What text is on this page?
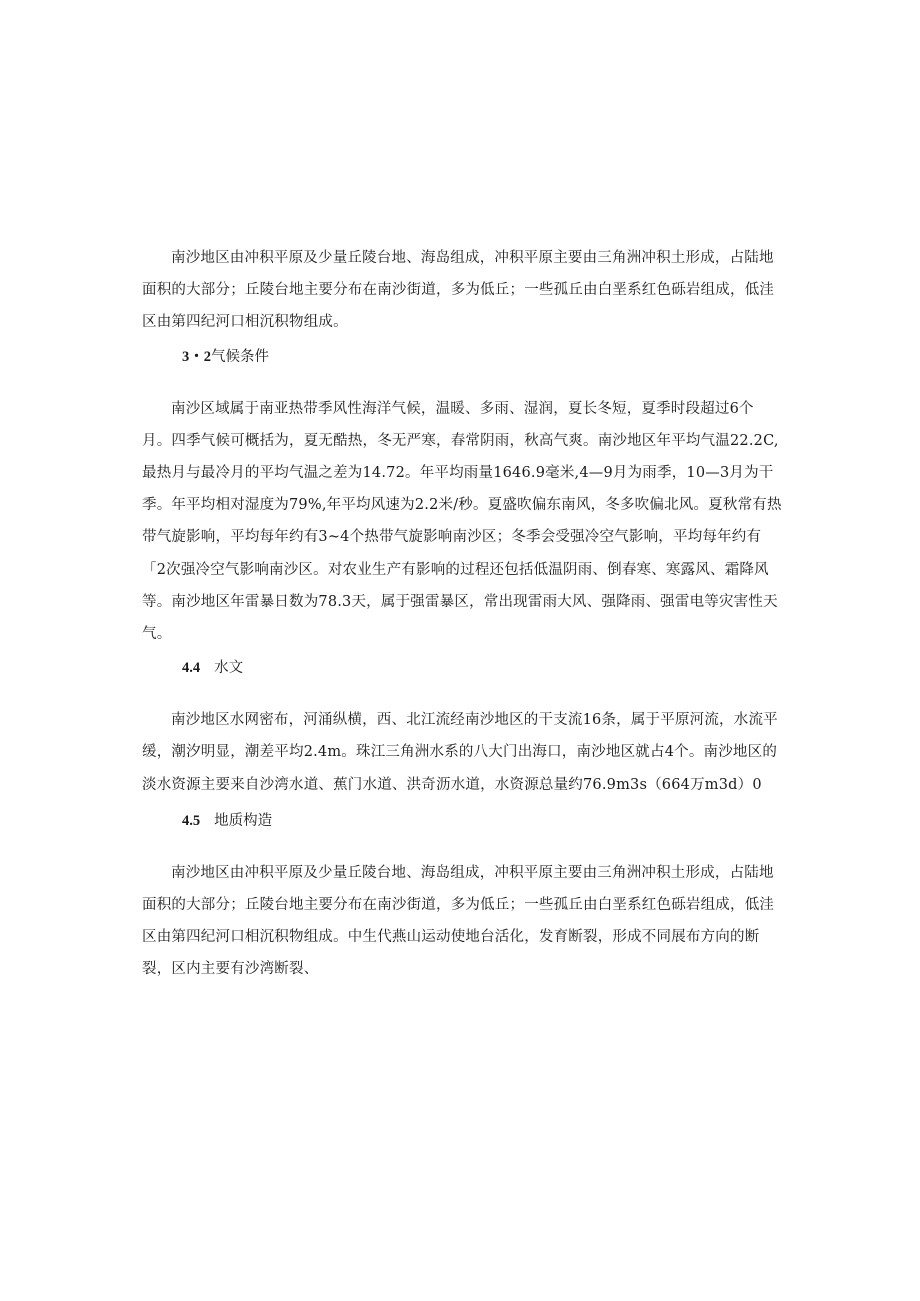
南沙地区由冲积平原及少量丘陵台地、海岛组成，冲积平原主要由三角洲冲积土形成，占陆地面积的大部分；丘陵台地主要分布在南沙街道，多为低丘；一些孤丘由白垩系红色砾岩组成，低洼区由第四纪河口相沉积物组成。

3・2气候条件

南沙区域属于南亚热带季风性海洋气候，温暖、多雨、湿润，夏长冬短，夏季时段超过6个月。四季气候可概括为，夏无酷热，冬无严寒，春常阴雨，秋高气爽。南沙地区年平均气温22.2C,最热月与最冷月的平均气温之差为14.72。年平均雨量1646.9毫米,4—9月为雨季，10—3月为干季。年平均相对湿度为79%,年平均风速为2.2米/秒。夏盛吹偏东南风，冬多吹偏北风。夏秋常有热带气旋影响，平均每年约有3~4个热带气旋影响南沙区；冬季会受强冷空气影响，平均每年约有「2次强冷空气影响南沙区。对农业生产有影响的过程还包括低温阴雨、倒春寒、寒露风、霜降风等。南沙地区年雷暴日数为78.3天，属于强雷暴区，常出现雷雨大风、强降雨、强雷电等灾害性天气。

4.4 水文

南沙地区水网密布，河涌纵横，西、北江流经南沙地区的干支流16条，属于平原河流，水流平缓，潮汐明显，潮差平均2.4m。珠江三角洲水系的八大门出海口，南沙地区就占4个。南沙地区的淡水资源主要来自沙湾水道、蕉门水道、洪奇沥水道，水资源总量约76.9m3s（664万m3d）0

4.5 地质构造

南沙地区由冲积平原及少量丘陵台地、海岛组成，冲积平原主要由三角洲冲积土形成，占陆地面积的大部分；丘陵台地主要分布在南沙街道，多为低丘；一些孤丘由白垩系红色砾岩组成，低洼区由第四纪河口相沉积物组成。中生代燕山运动使地台活化，发育断裂，形成不同展布方向的断裂，区内主要有沙湾断裂、
